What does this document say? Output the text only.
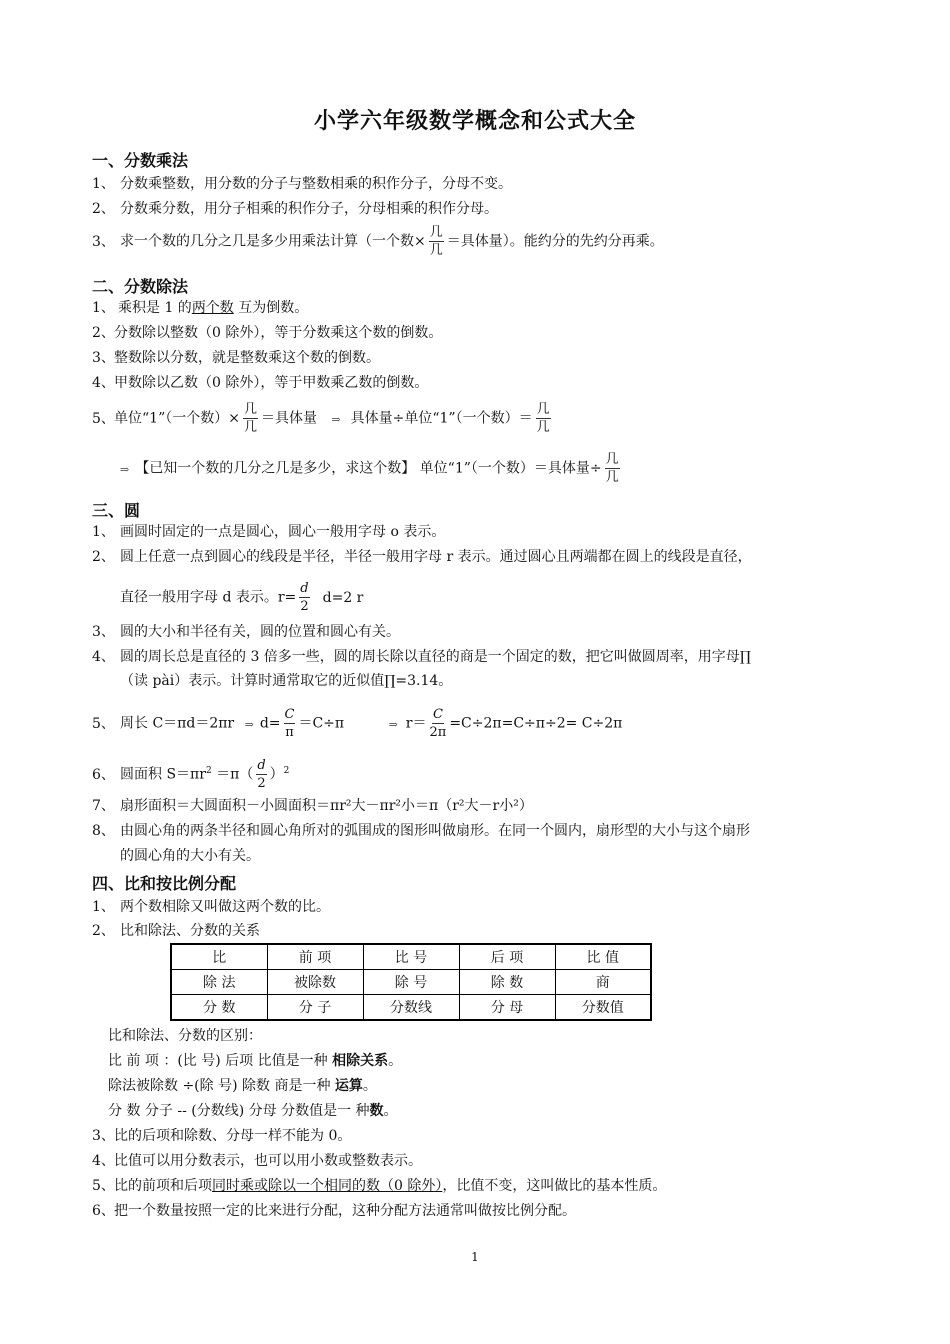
小学六年级数学概念和公式大全
一、分数乘法
1、 分数乘整数，用分数的分子与整数相乘的积作分子，分母不变。
2、 分数乘分数，用分子相乘的积作分子，分母相乘的积作分母。
3、 求一个数的几分之几是多少用乘法计算（一个数× $\frac{\text{几}}{\text{几}}$ ＝具体量）。能约分的先约分再乘。
二、分数除法
1、 乘积是 1 的两个数 互为倒数。
2、分数除以整数（0 除外），等于分数乘这个数的倒数。
3、整数除以分数，就是整数乘这个数的倒数。
4、甲数除以乙数（0 除外），等于甲数乘乙数的倒数。
5、单位“1”（一个数）× $\frac{\text{几}}{\text{几}}$ ＝具体量 ⇒ 具体量÷单位“1”（一个数）＝ $\frac{\text{几}}{\text{几}}$
⇒ 【已知一个数的几分之几是多少，求这个数】 单位“1”（一个数）＝具体量÷ $\frac{\text{几}}{\text{几}}$
三、圆
1、 画圆时固定的一点是圆心，圆心一般用字母 o 表示。
2、 圆上任意一点到圆心的线段是半径，半径一般用字母 r 表示。通过圆心且两端都在圆上的线段是直径，
直径一般用字母 d 表示。$r= \frac{d}{2} d=2$ r
3、 圆的大小和半径有关，圆的位置和圆心有关。
4、 圆的周长总是直径的 3 倍多一些，圆的周长除以直径的商是一个固定的数，把它叫做圆周率，用字母∏
（读 pài）表示。计算时通常取它的近似值∏=3.14。
5、 周长 C＝πd＝2πr ⇒ $d= \frac{C}{\pi} =C\div\pi$	⇒ $r= \frac{C}{2\pi} =C\div 2\pi=C\div\pi\div 2= C\div 2\pi$
6、 圆面积 $S=\pi r^2 =\pi( \frac{d}{2} )^2$
7、 扇形面积＝大圆面积－小圆面积＝πr²大－πr²小＝π（r²大－r小²）
8、 由圆心角的两条半径和圆心角所对的弧围成的图形叫做扇形。在同一个圆内，扇形型的大小与这个扇形
的圆心角的大小有关。
四、比和按比例分配
1、 两个数相除又叫做这两个数的比。
2、 比和除法、分数的关系
比	前 项	比 号	后 项	比 值
除 法	被除数	除 号	除 数	商
分 数	分 子	分数线	分 母	分数值
比和除法、分数的区别：
比 前 项 ：(比 号) 后项 比值是一种 相除关系。
除法被除数 ÷(除 号) 除数 商是一种 运算。
分 数 分子 -- (分数线) 分母 分数值是一 种数。
3、比的后项和除数、分母一样不能为 0。
4、比值可以用分数表示，也可以用小数或整数表示。
5、比的前项和后项同时乘或除以一个相同的数（0 除外），比值不变，这叫做比的基本性质。
6、把一个数量按照一定的比来进行分配，这种分配方法通常叫做按比例分配。
1
